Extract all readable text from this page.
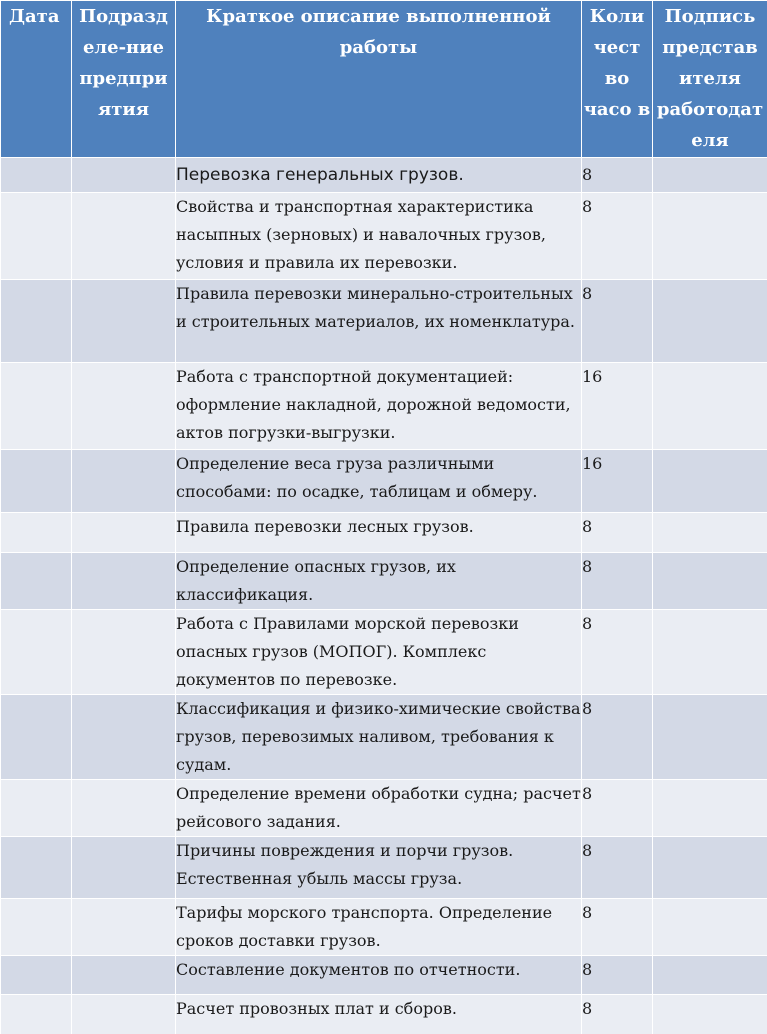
Дата	Подразд еле-ние предпри ятия	Краткое описание выполненной работы	Коли чест во часо в	Подпись представ ителя работодат еля
		Перевозка генеральных грузов.	8	
		Свойства и транспортная характеристика насыпных (зерновых) и навалочных грузов, условия и правила их перевозки.	8	
		Правила перевозки минерально-строительных и строительных материалов, их номенклатура.	8	
		Работа с транспортной документацией: оформление накладной, дорожной ведомости, актов погрузки-выгрузки.	16	
		Определение веса груза различными способами: по осадке, таблицам и обмеру.	16	
		Правила перевозки лесных грузов.	8	
		Определение опасных грузов, их классификация.	8	
		Работа с Правилами морской перевозки опасных грузов (МОПОГ). Комплекс документов по перевозке.	8	
		Классификация и физико-химические свойства грузов, перевозимых наливом, требования к судам.	8	
		Определение времени обработки судна; расчет рейсового задания.	8	
		Причины повреждения и порчи грузов. Естественная убыль массы груза.	8	
		Тарифы морского транспорта. Определение сроков доставки грузов.	8	
		Составление документов по отчетности.	8	
		Расчет провозных плат и сборов.	8	
